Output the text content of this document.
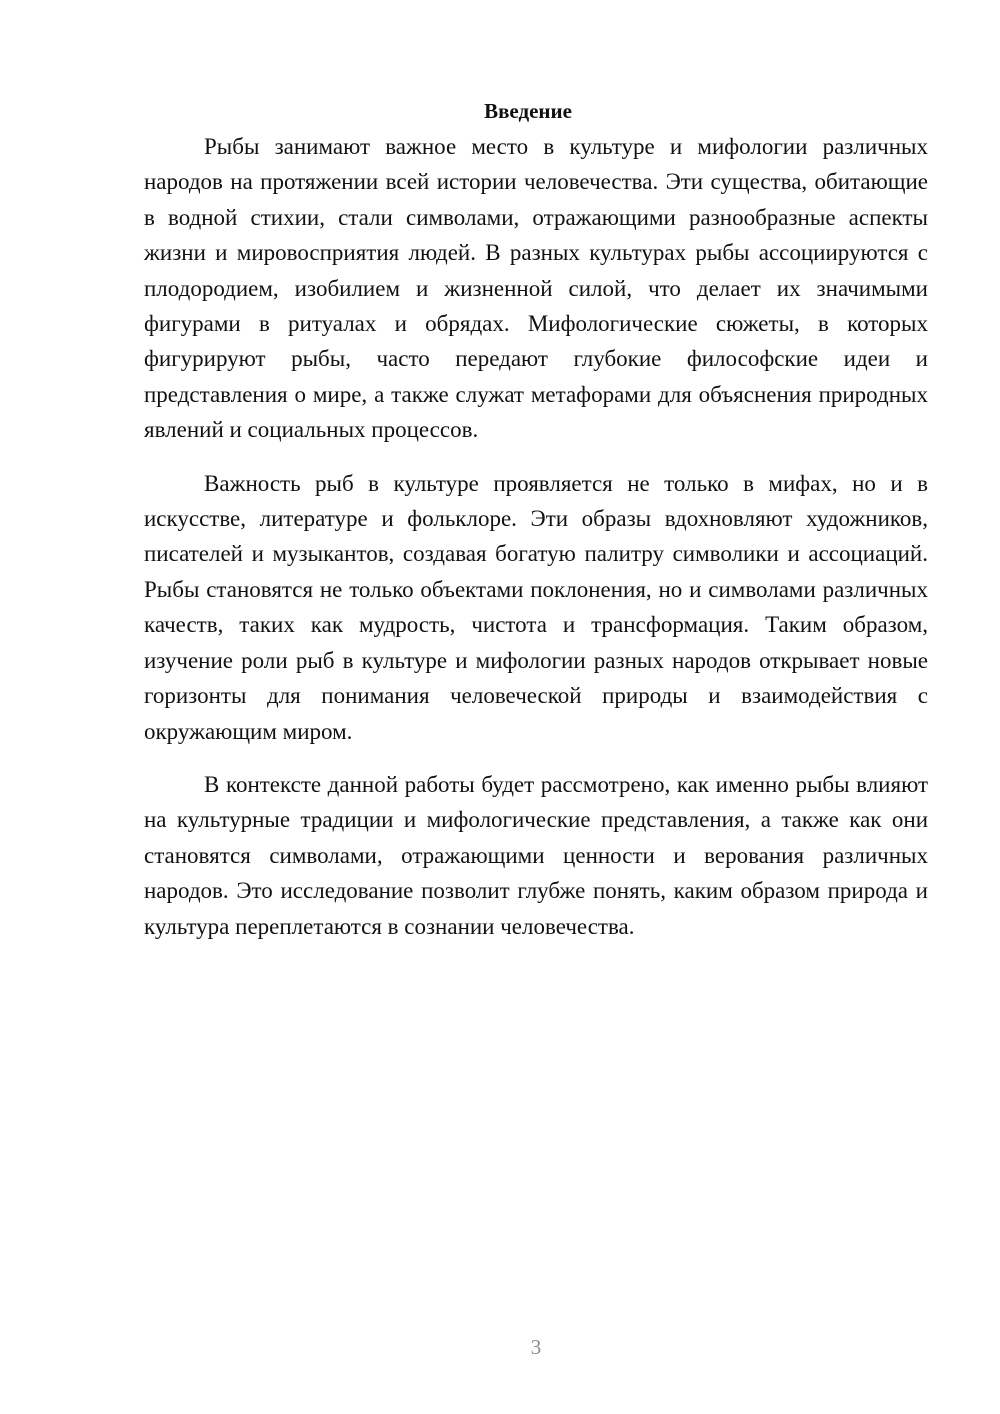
Введение

Рыбы занимают важное место в культуре и мифологии различных народов на протяжении всей истории человечества. Эти существа, обитающие в водной стихии, стали символами, отражающими разнообразные аспекты жизни и мировосприятия людей. В разных культурах рыбы ассоциируются с плодородием, изобилием и жизненной силой, что делает их значимыми фигурами в ритуалах и обрядах. Мифологические сюжеты, в которых фигурируют рыбы, часто передают глубокие философские идеи и представления о мире, а также служат метафорами для объяснения природных явлений и социальных процессов.

Важность рыб в культуре проявляется не только в мифах, но и в искусстве, литературе и фольклоре. Эти образы вдохновляют художников, писателей и музыкантов, создавая богатую палитру символики и ассоциаций. Рыбы становятся не только объектами поклонения, но и символами различных качеств, таких как мудрость, чистота и трансформация. Таким образом, изучение роли рыб в культуре и мифологии разных народов открывает новые горизонты для понимания человеческой природы и взаимодействия с окружающим миром.

В контексте данной работы будет рассмотрено, как именно рыбы влияют на культурные традиции и мифологические представления, а также как они становятся символами, отражающими ценности и верования различных народов. Это исследование позволит глубже понять, каким образом природа и культура переплетаются в сознании человечества.

3
